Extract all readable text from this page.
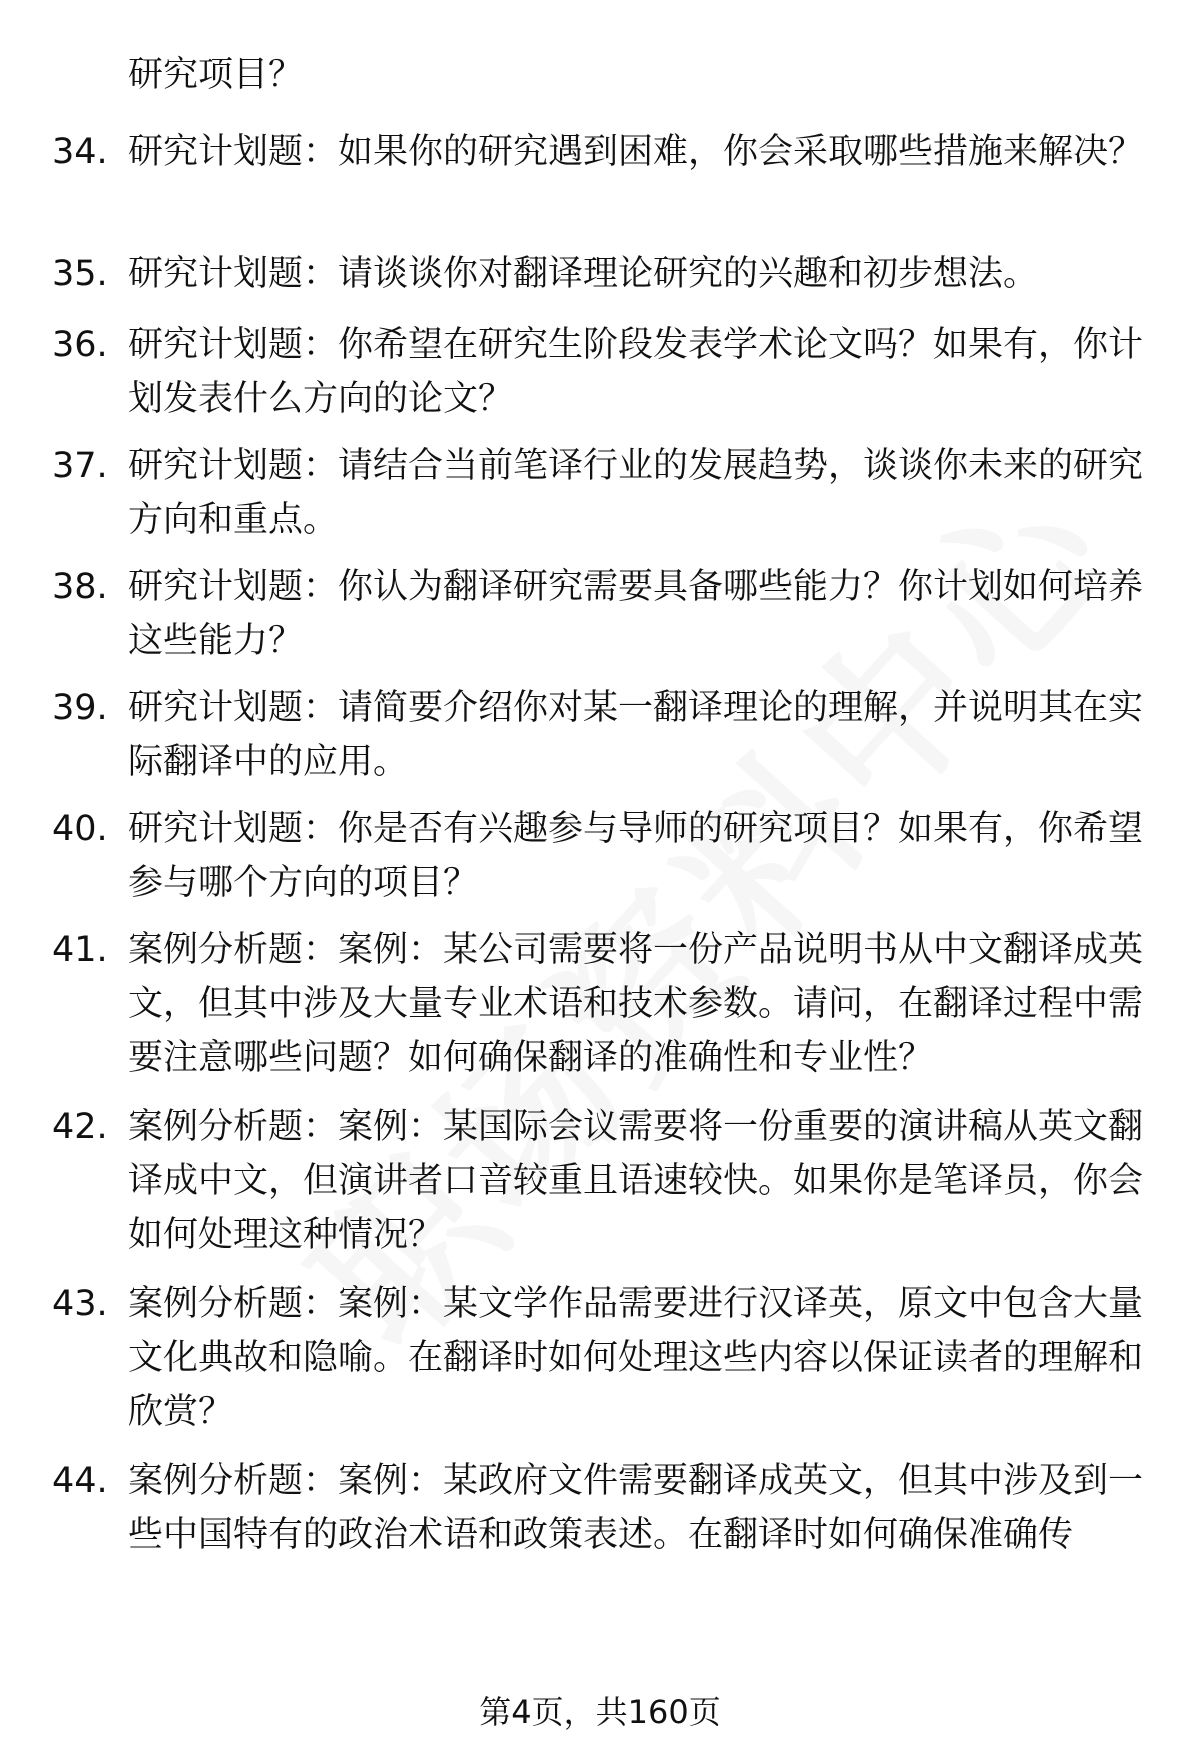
研究项目？
34. 研究计划题：如果你的研究遇到困难，你会采取哪些措施来解决？
35. 研究计划题：请谈谈你对翻译理论研究的兴趣和初步想法。
36. 研究计划题：你希望在研究生阶段发表学术论文吗？如果有，你计划发表什么方向的论文？
37. 研究计划题：请结合当前笔译行业的发展趋势，谈谈你未来的研究方向和重点。
38. 研究计划题：你认为翻译研究需要具备哪些能力？你计划如何培养这些能力？
39. 研究计划题：请简要介绍你对某一翻译理论的理解，并说明其在实际翻译中的应用。
40. 研究计划题：你是否有兴趣参与导师的研究项目？如果有，你希望参与哪个方向的项目？
41. 案例分析题：案例：某公司需要将一份产品说明书从中文翻译成英文，但其中涉及大量专业术语和技术参数。请问，在翻译过程中需要注意哪些问题？如何确保翻译的准确性和专业性？
42. 案例分析题：案例：某国际会议需要将一份重要的演讲稿从英文翻译成中文，但演讲者口音较重且语速较快。如果你是笔译员，你会如何处理这种情况？
43. 案例分析题：案例：某文学作品需要进行汉译英，原文中包含大量文化典故和隐喻。在翻译时如何处理这些内容以保证读者的理解和欣赏？
44. 案例分析题：案例：某政府文件需要翻译成英文，但其中涉及到一些中国特有的政治术语和政策表述。在翻译时如何确保准确传
第4页，共160页
